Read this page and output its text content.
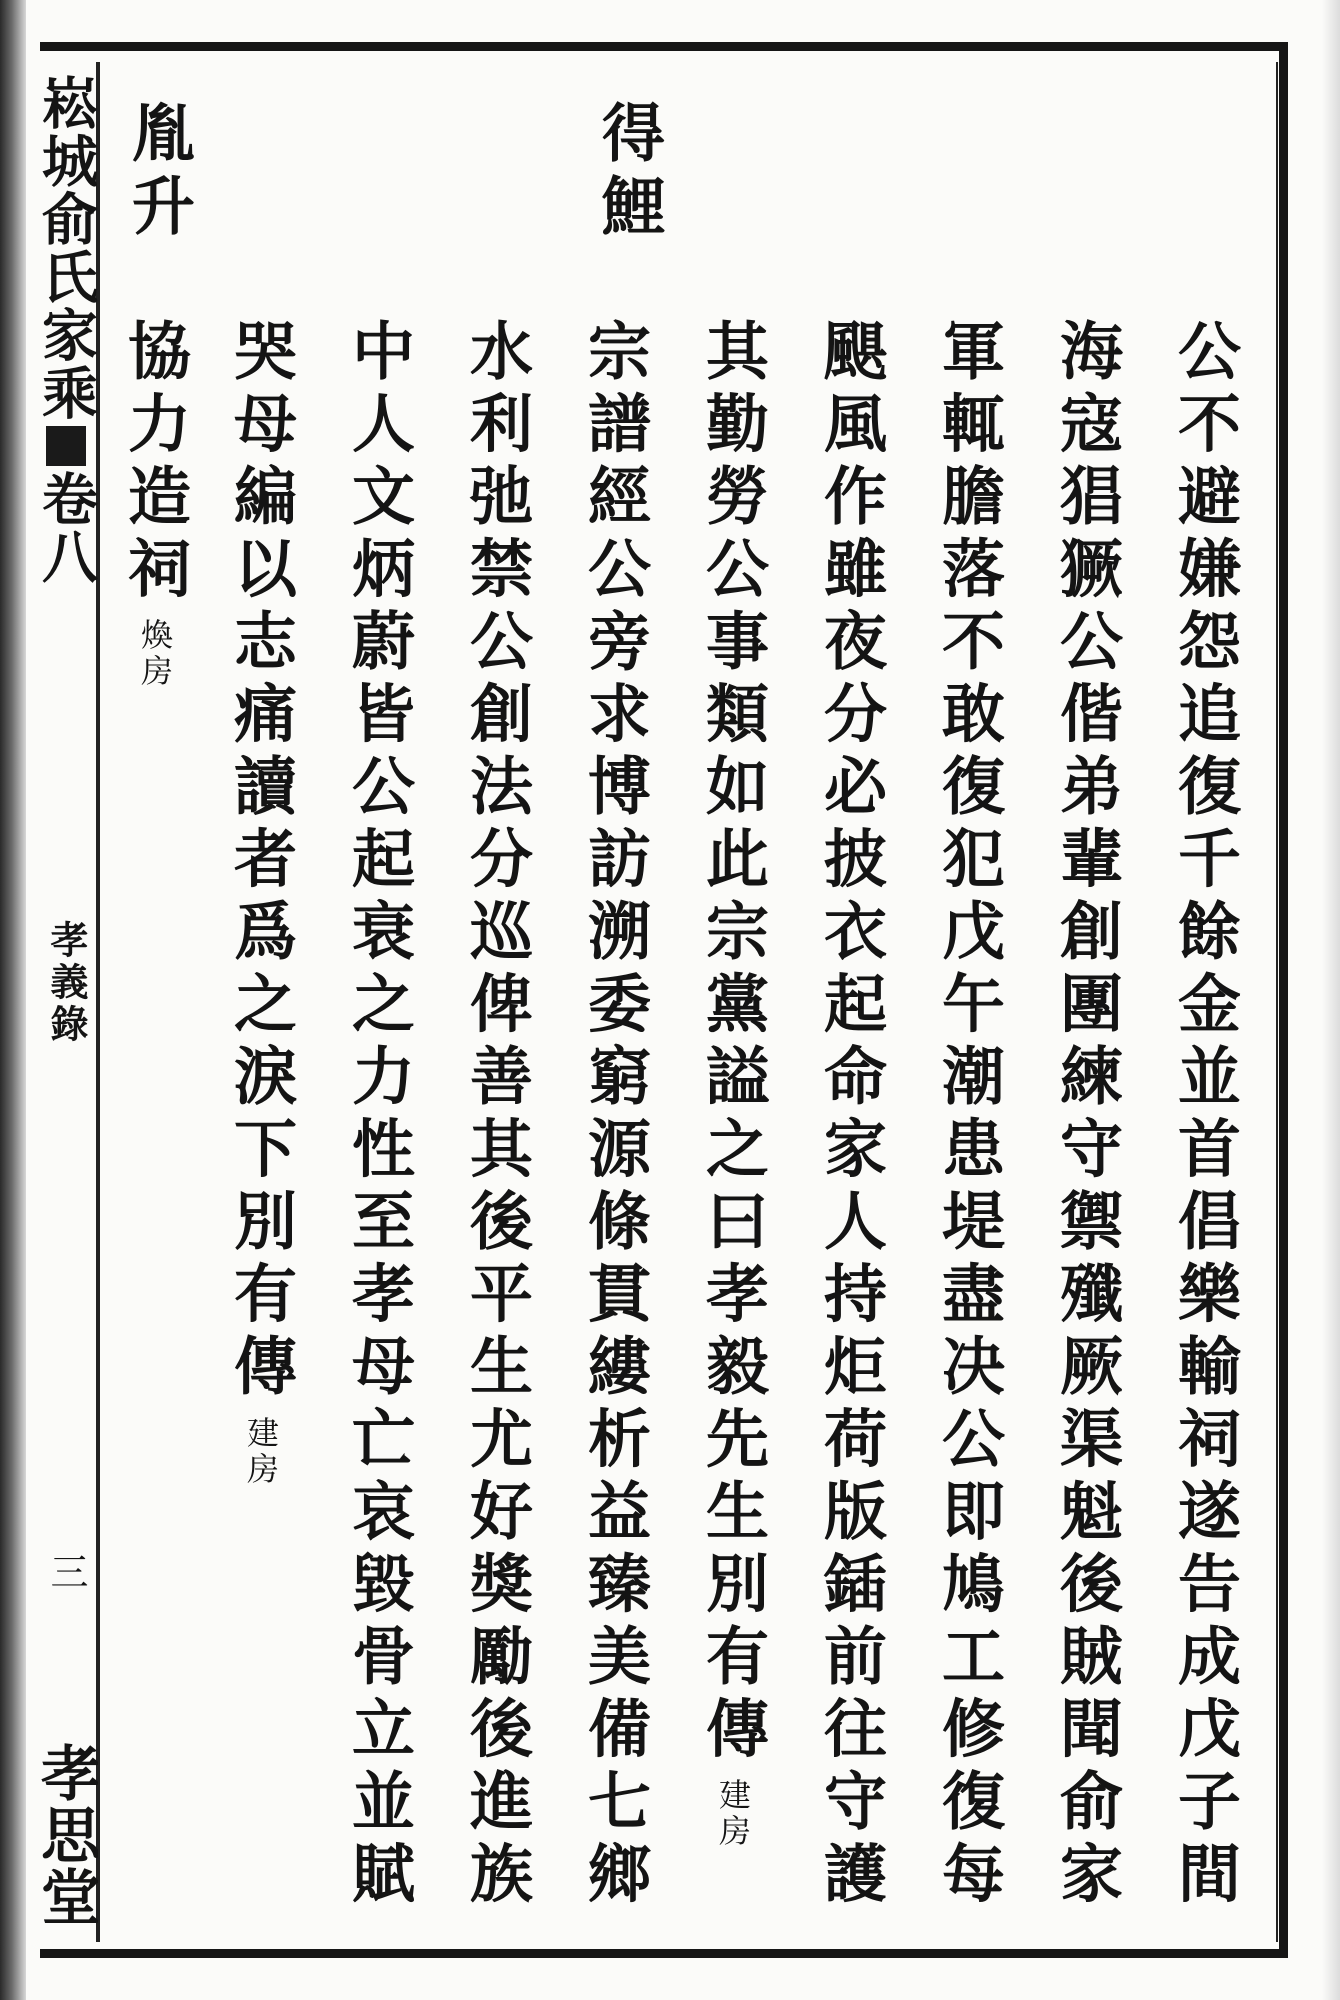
崧城俞氏家乘
卷八
孝義錄
三
孝思堂	公不避嫌怨追復千餘金並首倡樂輸祠遂告成戊子間
海寇猖獗公偕弟輩創團練守禦殲厥渠魁後賊聞俞家
軍輒膽落不敢復犯戊午潮患堤盡决公即鳩工修復每
颶風作雖夜分必披衣起命家人持炬荷版鍤前往守護
其勤勞公事類如此宗黨謚之曰孝毅先生別有傳建房
得鯉
宗譜經公旁求博訪溯委窮源條貫縷析益臻美備七鄉
水利弛禁公創法分巡俾善其後平生尤好獎勵後進族
中人文炳蔚皆公起衰之力性至孝母亡哀毀骨立並賦
哭母編以志痛讀者爲之淚下別有傳建房
胤升
協力造祠煥房
